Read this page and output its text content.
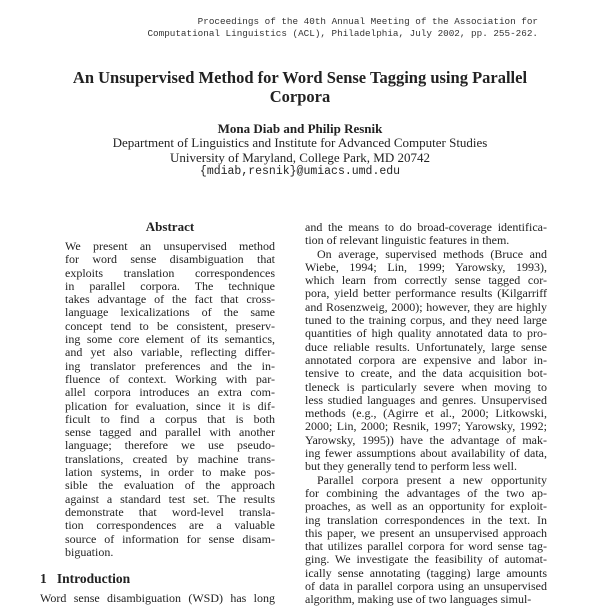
Proceedings of the 40th Annual Meeting of the Association for
Computational Linguistics (ACL), Philadelphia, July 2002, pp. 255-262.
An Unsupervised Method for Word Sense Tagging using Parallel
Corpora
Mona Diab and Philip Resnik
Department of Linguistics and Institute for Advanced Computer Studies
University of Maryland, College Park, MD 20742
{mdiab,resnik}@umiacs.umd.edu
Abstract
We present an unsupervised method
for word sense disambiguation that
exploits translation correspondences
in parallel corpora. The technique
takes advantage of the fact that cross-
language lexicalizations of the same
concept tend to be consistent, preserv-
ing some core element of its semantics,
and yet also variable, reflecting differ-
ing translator preferences and the in-
fluence of context. Working with par-
allel corpora introduces an extra com-
plication for evaluation, since it is dif-
ficult to find a corpus that is both
sense tagged and parallel with another
language; therefore we use pseudo-
translations, created by machine trans-
lation systems, in order to make pos-
sible the evaluation of the approach
against a standard test set. The results
demonstrate that word-level transla-
tion correspondences are a valuable
source of information for sense disam-
biguation.
1   Introduction
Word sense disambiguation (WSD) has long
and the means to do broad-coverage identifica-
tion of relevant linguistic features in them.
On average, supervised methods (Bruce and
Wiebe, 1994; Lin, 1999; Yarowsky, 1993),
which learn from correctly sense tagged cor-
pora, yield better performance results (Kilgarriff
and Rosenzweig, 2000); however, they are highly
tuned to the training corpus, and they need large
quantities of high quality annotated data to pro-
duce reliable results. Unfortunately, large sense
annotated corpora are expensive and labor in-
tensive to create, and the data acquisition bot-
tleneck is particularly severe when moving to
less studied languages and genres. Unsupervised
methods (e.g., (Agirre et al., 2000; Litkowski,
2000; Lin, 2000; Resnik, 1997; Yarowsky, 1992;
Yarowsky, 1995)) have the advantage of mak-
ing fewer assumptions about availability of data,
but they generally tend to perform less well.
Parallel corpora present a new opportunity
for combining the advantages of the two ap-
proaches, as well as an opportunity for exploit-
ing translation correspondences in the text. In
this paper, we present an unsupervised approach
that utilizes parallel corpora for word sense tag-
ging. We investigate the feasibility of automat-
ically sense annotating (tagging) large amounts
of data in parallel corpora using an unsupervised
algorithm, making use of two languages simul-
